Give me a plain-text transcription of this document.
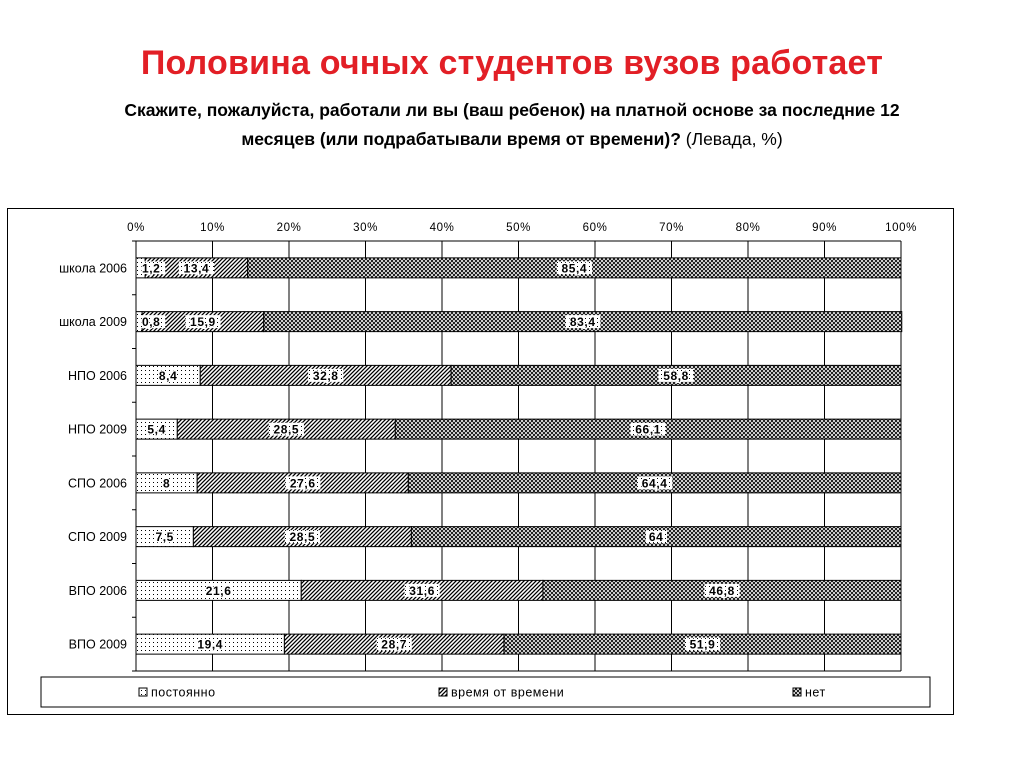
Половина очных студентов вузов работает
Скажите, пожалуйста, работали ли вы (ваш ребенок) на платной основе за последние 12 месяцев (или подрабатывали время от времени)? (Левада, %)
0%	10%	20%	30%	40%	50%	60%	70%	80%	90%	100%
школа 2006 1,2 13,4	85,4
школа 2009 0,8 15,9	83,4
НПО 2006	8,4	32,8	58,8
НПО 2009 5,4	28,5	66,1
СПО 2006	8	27,6	64,4
СПО 2009 7,5	28,5	64
ВПО 2006	21,6	31,6	46,8
ВПО 2009	19,4	28,7	51,9
постоянно	время от времени	нет
